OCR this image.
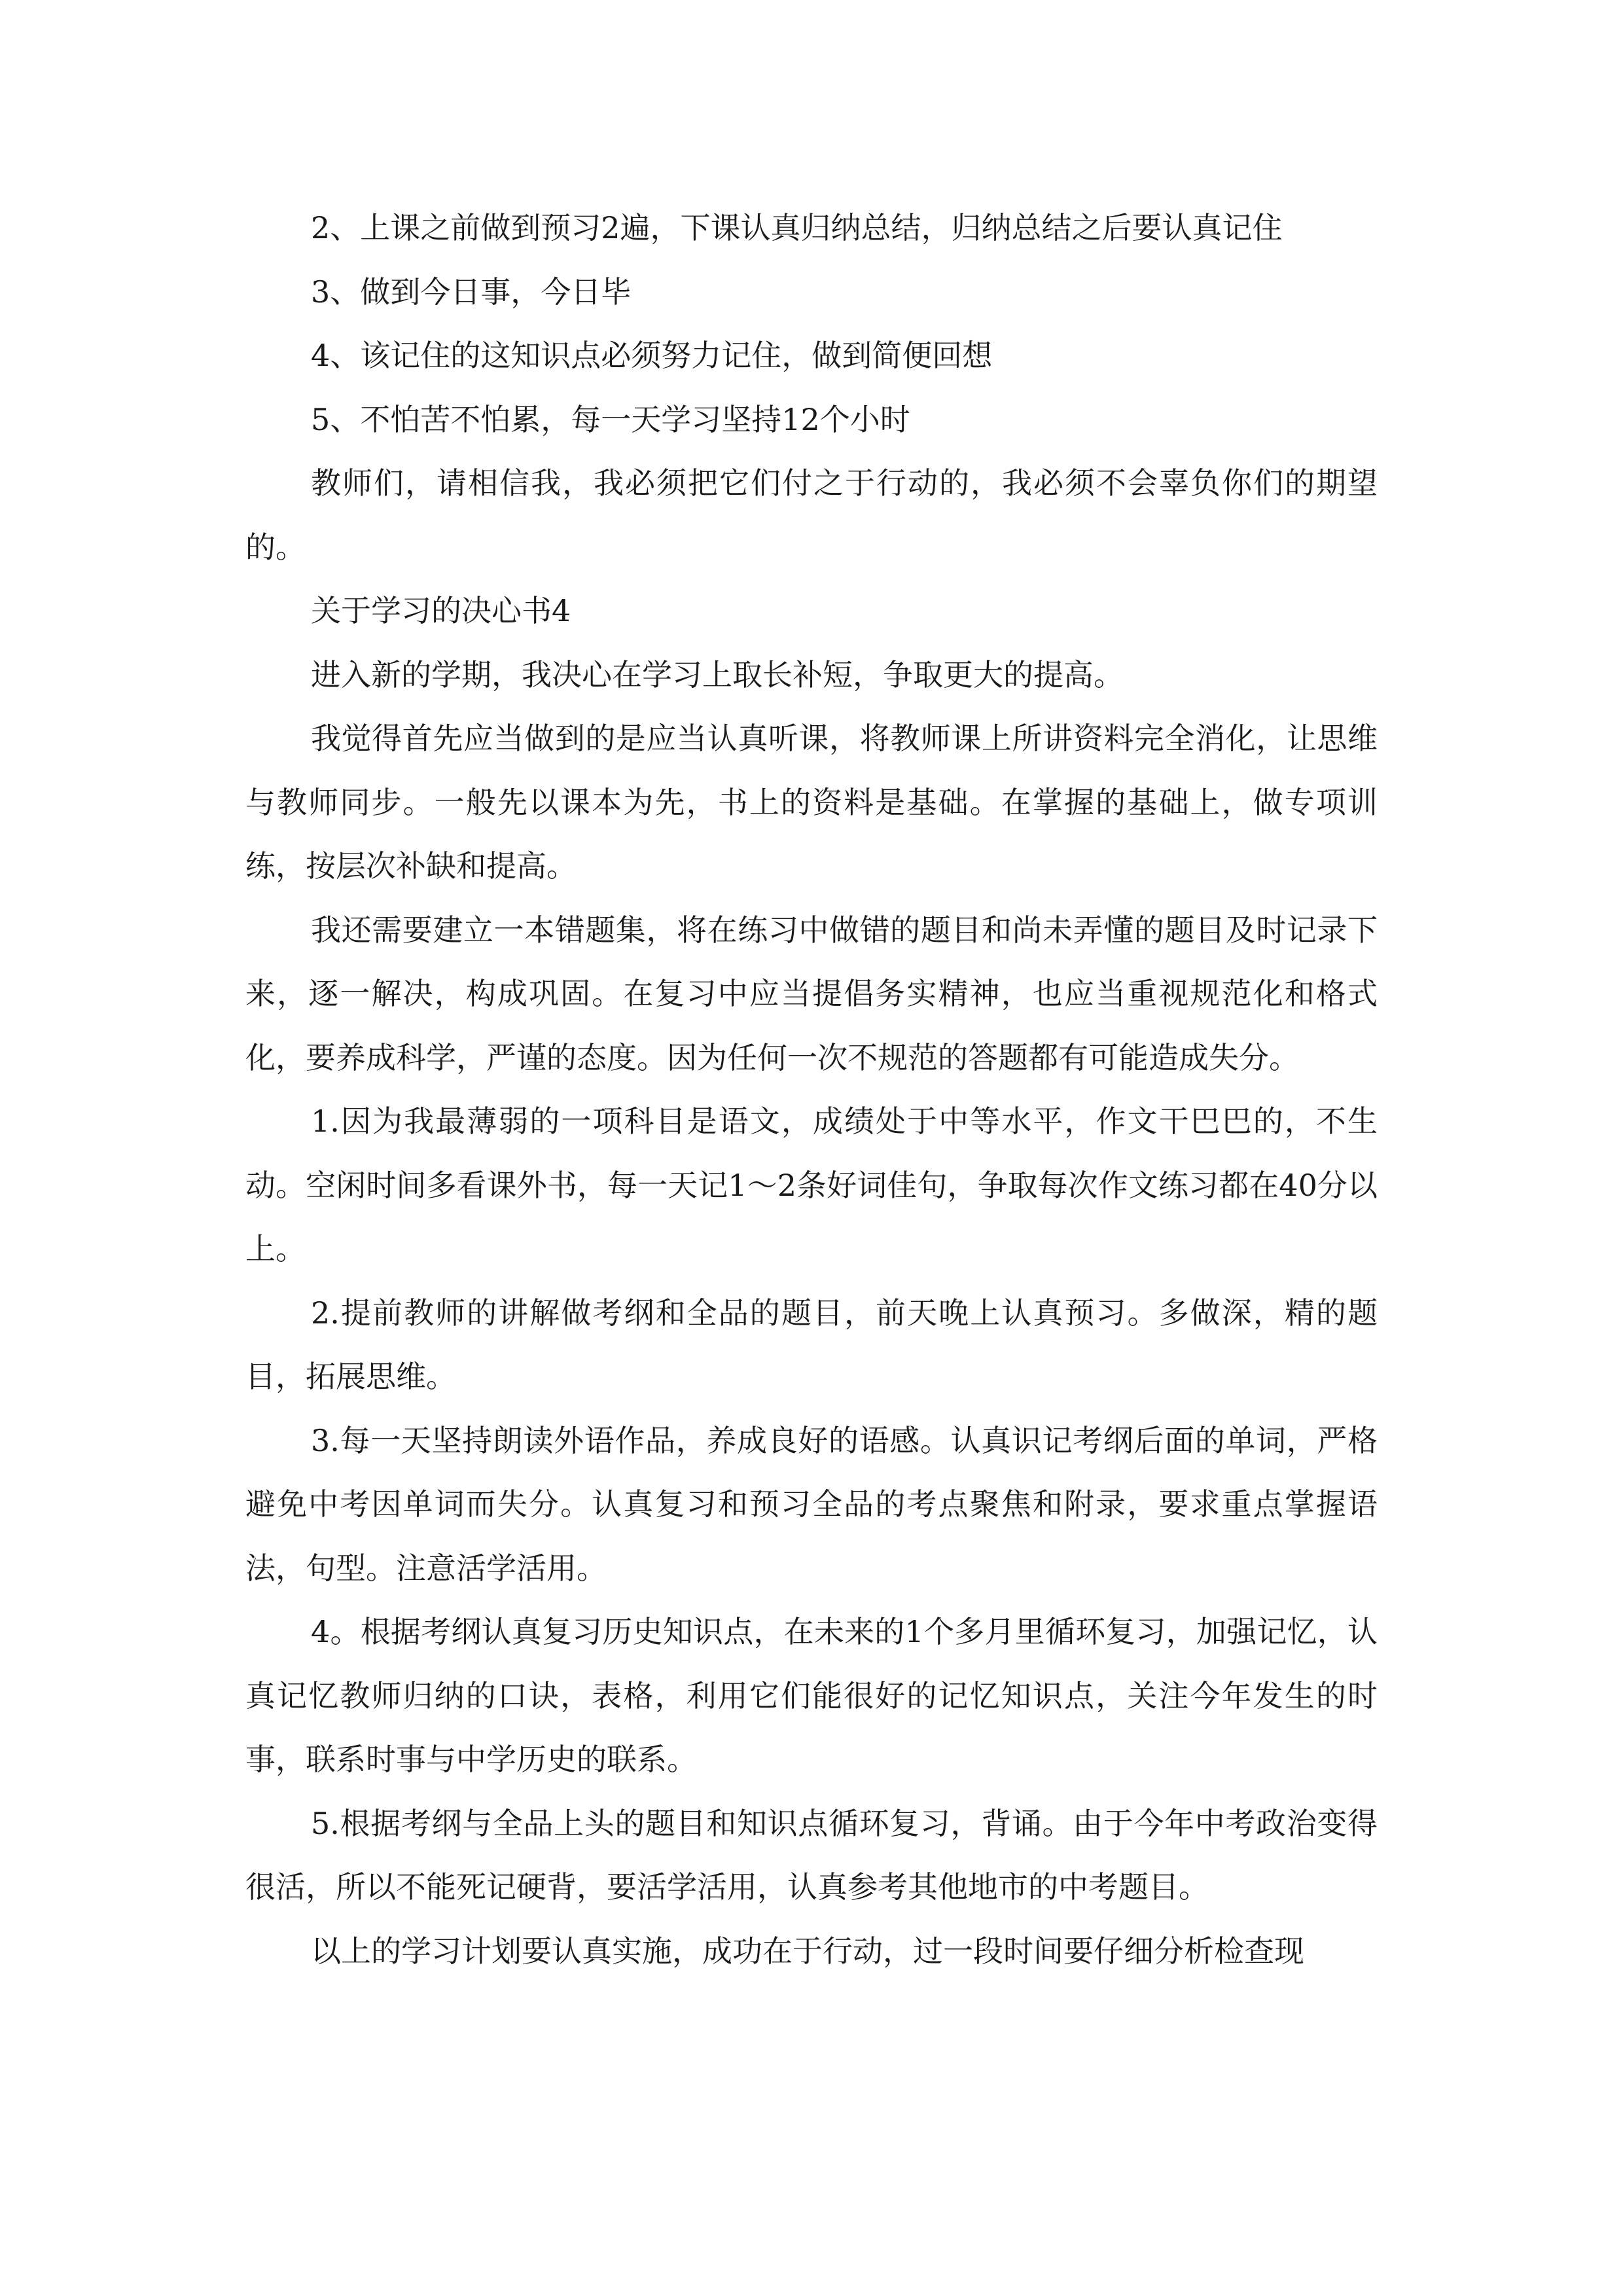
2、上课之前做到预习2遍，下课认真归纳总结，归纳总结之后要认真记住

3、做到今日事，今日毕

4、该记住的这知识点必须努力记住，做到简便回想

5、不怕苦不怕累，每一天学习坚持12个小时

教师们，请相信我，我必须把它们付之于行动的，我必须不会辜负你们的期望的。

关于学习的决心书4

进入新的学期，我决心在学习上取长补短，争取更大的提高。

我觉得首先应当做到的是应当认真听课，将教师课上所讲资料完全消化，让思维与教师同步。一般先以课本为先，书上的资料是基础。在掌握的基础上，做专项训练，按层次补缺和提高。

我还需要建立一本错题集，将在练习中做错的题目和尚未弄懂的题目及时记录下来，逐一解决，构成巩固。在复习中应当提倡务实精神，也应当重视规范化和格式化，要养成科学，严谨的态度。因为任何一次不规范的答题都有可能造成失分。

1.因为我最薄弱的一项科目是语文，成绩处于中等水平，作文干巴巴的，不生动。空闲时间多看课外书，每一天记1～2条好词佳句，争取每次作文练习都在40分以上。

2.提前教师的讲解做考纲和全品的题目，前天晚上认真预习。多做深，精的题目，拓展思维。

3.每一天坚持朗读外语作品，养成良好的语感。认真识记考纲后面的单词，严格避免中考因单词而失分。认真复习和预习全品的考点聚焦和附录，要求重点掌握语法，句型。注意活学活用。

4。根据考纲认真复习历史知识点，在未来的1个多月里循环复习，加强记忆，认真记忆教师归纳的口诀，表格，利用它们能很好的记忆知识点，关注今年发生的时事，联系时事与中学历史的联系。

5.根据考纲与全品上头的题目和知识点循环复习，背诵。由于今年中考政治变得很活，所以不能死记硬背，要活学活用，认真参考其他地市的中考题目。

以上的学习计划要认真实施，成功在于行动，过一段时间要仔细分析检查现
